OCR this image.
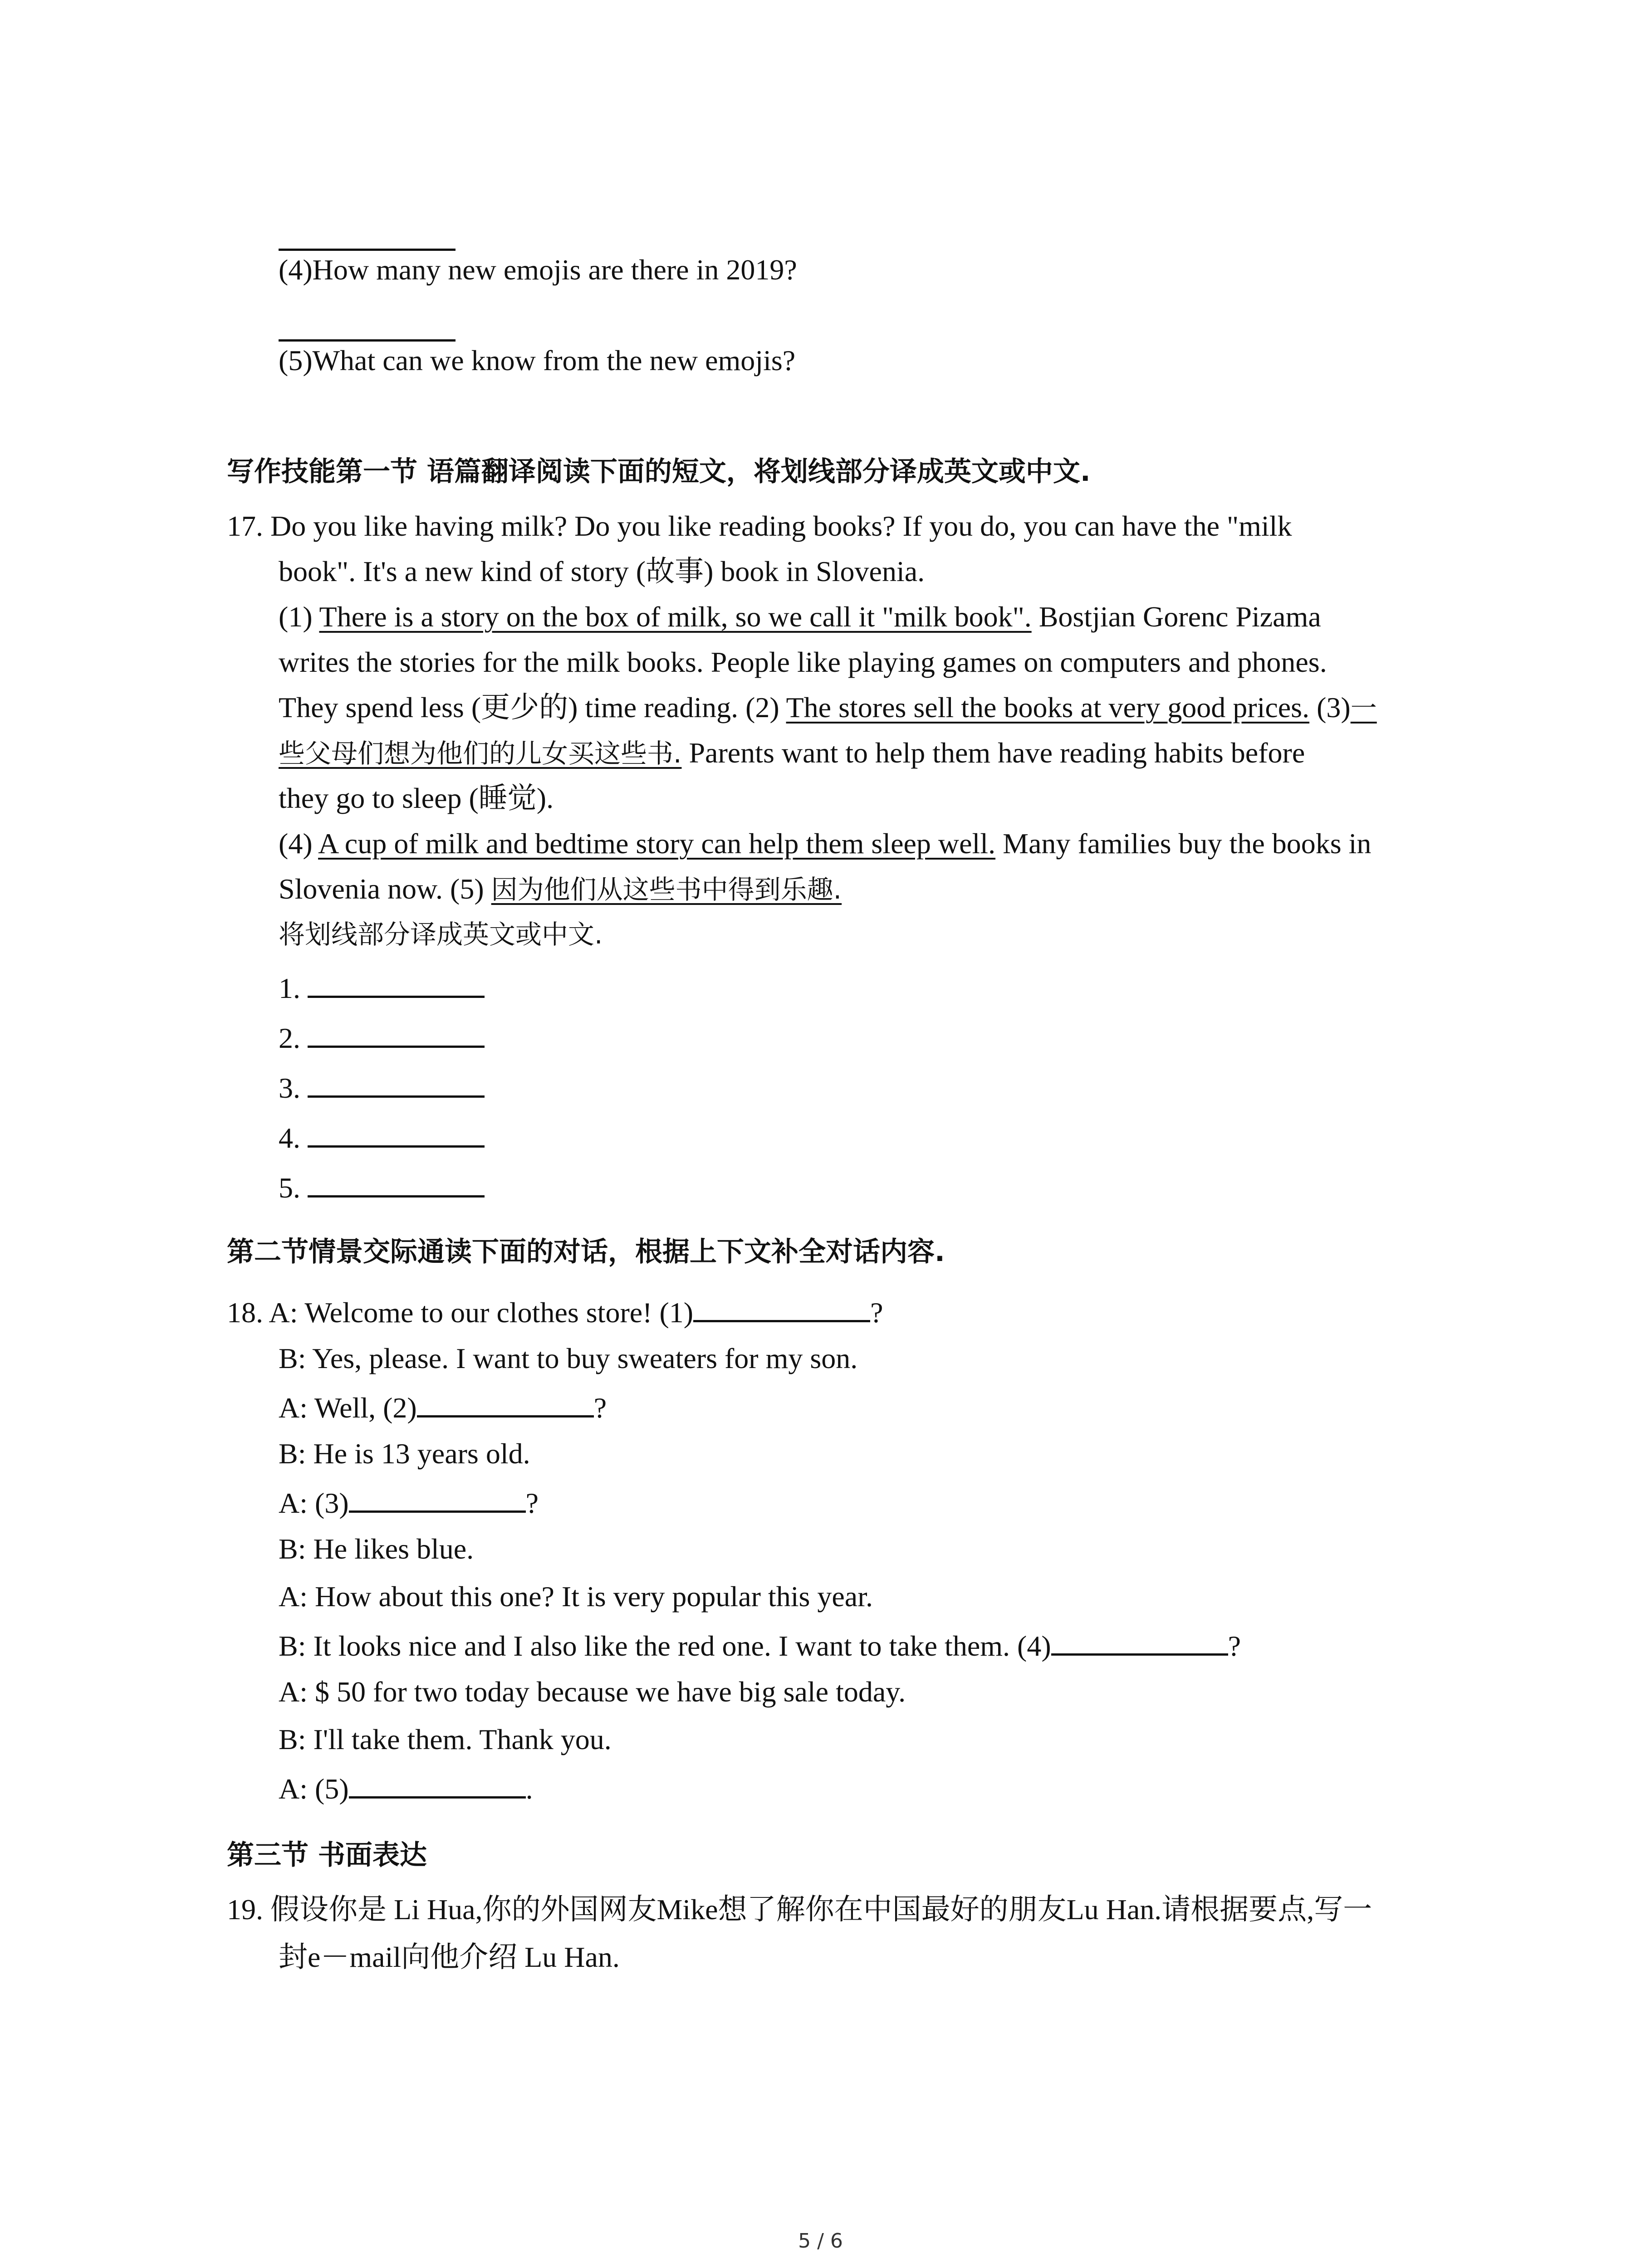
(4)How many new emojis are there in 2019?
(5)What can we know from the new emojis?
写作技能第一节 语篇翻译阅读下面的短文，将划线部分译成英文或中文.
17. Do you like having milk? Do you like reading books? If you do, you can have the "milk
book". It's a new kind of story (故事) book in Slovenia.
(1) There is a story on the box of milk, so we call it "milk book". Bostjian Gorenc Pizama
writes the stories for the milk books. People like playing games on computers and phones.
They spend less (更少的) time reading. (2) The stores sell the books at very good prices. (3)一
些父母们想为他们的儿女买这些书. Parents want to help them have reading habits before
they go to sleep (睡觉).
(4) A cup of milk and bedtime story can help them sleep well. Many families buy the books in
Slovenia now. (5) 因为他们从这些书中得到乐趣.
将划线部分译成英文或中文.
1.
2.
3.
4.
5.
第二节情景交际通读下面的对话，根据上下文补全对话内容.
18. A: Welcome to our clothes store! (1)	?
B: Yes, please. I want to buy sweaters for my son.
A: Well, (2)	?
B: He is 13 years old.
A: (3)	?
B: He likes blue.
A: How about this one? It is very popular this year.
B: It looks nice and I also like the red one. I want to take them. (4)	?
A: $ 50 for two today because we have big sale today.
B: I'll take them. Thank you.
A: (5)	.
第三节 书面表达
19. 假设你是 Li Hua,你的外国网友Mike想了解你在中国最好的朋友Lu Han.请根据要点,写一
封e－mail向他介绍 Lu Han.
5 / 6
